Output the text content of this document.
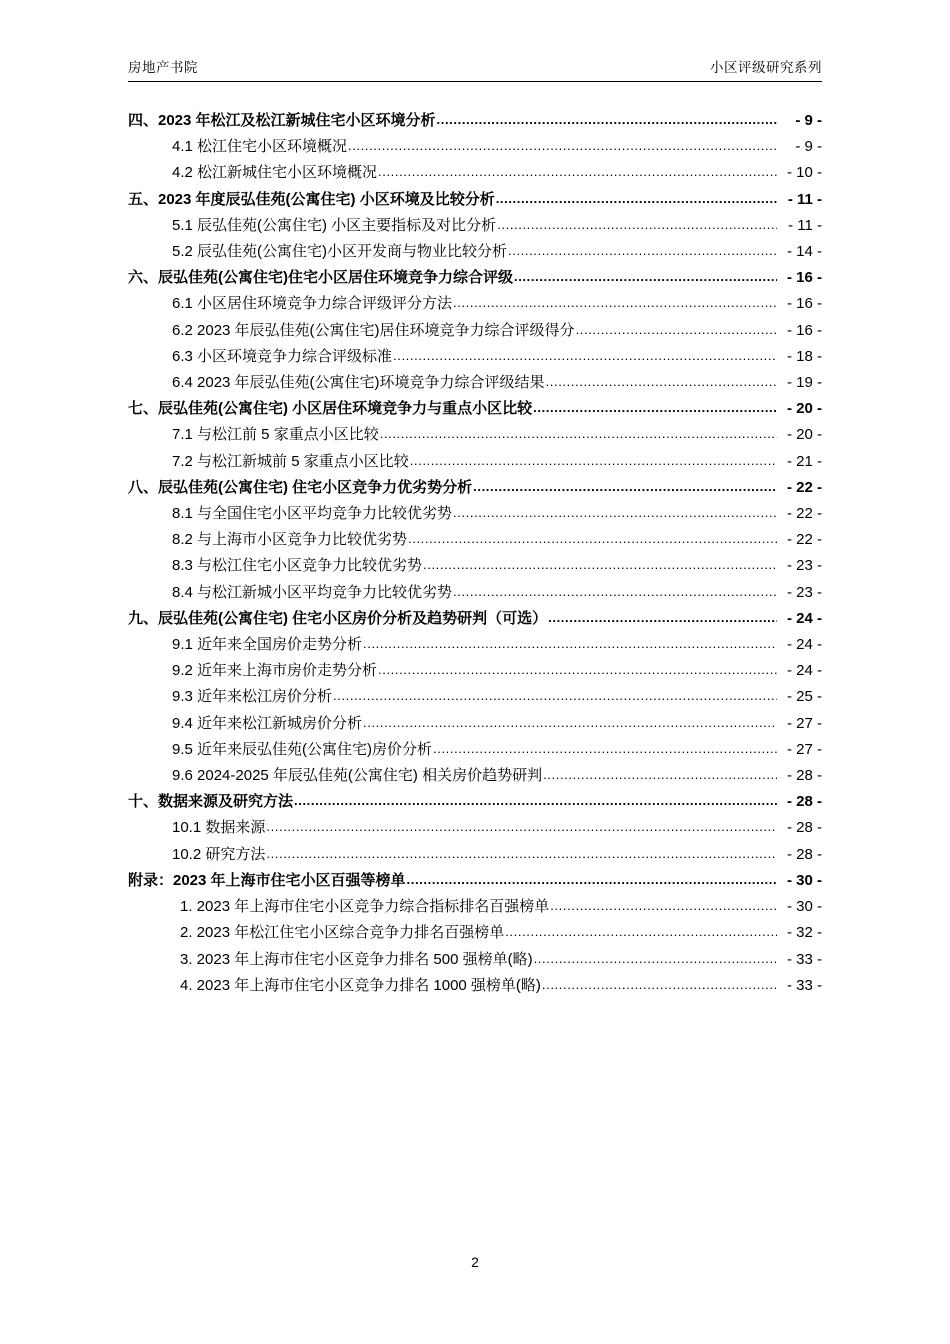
房地产书院	小区评级研究系列
四、2023 年松江及松江新城住宅小区环境分析 .....	- 9 -
4.1 松江住宅小区环境概况 .....	- 9 -
4.2 松江新城住宅小区环境概况 .....	- 10 -
五、2023 年度辰弘佳苑(公寓住宅) 小区环境及比较分析 .....	- 11 -
5.1 辰弘佳苑(公寓住宅) 小区主要指标及对比分析 .....	- 11 -
5.2 辰弘佳苑(公寓住宅)小区开发商与物业比较分析 .....	- 14 -
六、辰弘佳苑(公寓住宅)住宅小区居住环境竞争力综合评级 .....	- 16 -
6.1 小区居住环境竞争力综合评级评分方法 .....	- 16 -
6.2 2023 年辰弘佳苑(公寓住宅)居住环境竞争力综合评级得分 .....	- 16 -
6.3 小区环境竞争力综合评级标准 .....	- 18 -
6.4 2023 年辰弘佳苑(公寓住宅)环境竞争力综合评级结果 .....	- 19 -
七、辰弘佳苑(公寓住宅) 小区居住环境竞争力与重点小区比较 .....	- 20 -
7.1 与松江前 5 家重点小区比较 .....	- 20 -
7.2 与松江新城前 5 家重点小区比较 .....	- 21 -
八、辰弘佳苑(公寓住宅) 住宅小区竞争力优劣势分析 .....	- 22 -
8.1 与全国住宅小区平均竞争力比较优劣势 .....	- 22 -
8.2 与上海市小区竞争力比较优劣势 .....	- 22 -
8.3 与松江住宅小区竞争力比较优劣势 .....	- 23 -
8.4 与松江新城小区平均竞争力比较优劣势 .....	- 23 -
九、辰弘佳苑(公寓住宅) 住宅小区房价分析及趋势研判（可选） .....	- 24 -
9.1 近年来全国房价走势分析 .....	- 24 -
9.2 近年来上海市房价走势分析 .....	- 24 -
9.3 近年来松江房价分析 .....	- 25 -
9.4 近年来松江新城房价分析 .....	- 27 -
9.5 近年来辰弘佳苑(公寓住宅)房价分析 .....	- 27 -
9.6 2024-2025 年辰弘佳苑(公寓住宅) 相关房价趋势研判 .....	- 28 -
十、数据来源及研究方法 .....	- 28 -
10.1 数据来源 .....	- 28 -
10.2 研究方法 .....	- 28 -
附录：2023 年上海市住宅小区百强等榜单 .....	- 30 -
1. 2023 年上海市住宅小区竞争力综合指标排名百强榜单 .....	- 30 -
2. 2023 年松江住宅小区综合竞争力排名百强榜单 .....	- 32 -
3. 2023 年上海市住宅小区竞争力排名 500 强榜单(略) .....	- 33 -
4. 2023 年上海市住宅小区竞争力排名 1000 强榜单(略) .....	- 33 -
2
